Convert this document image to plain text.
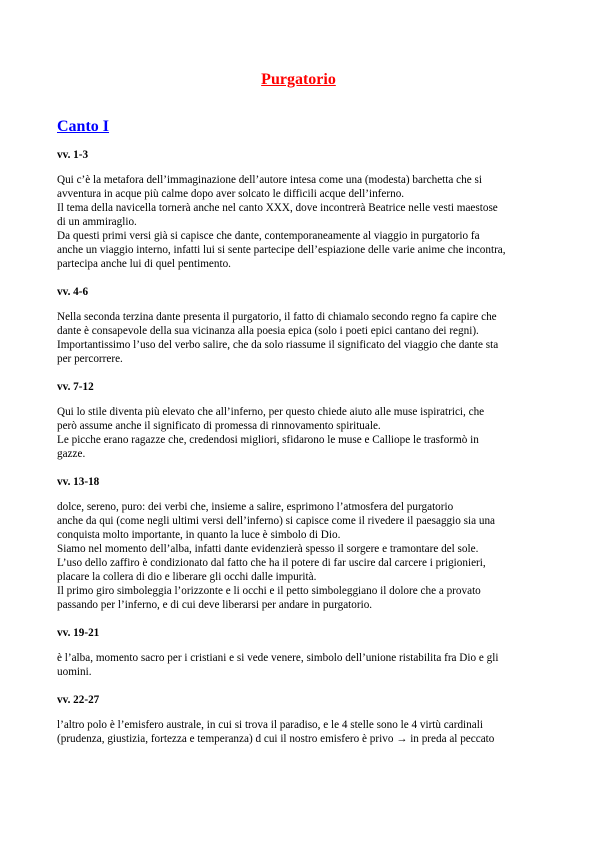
Purgatorio
Canto I

vv. 1-3

Qui c’è la metafora dell’immaginazione dell’autore intesa come una (modesta) barchetta che si
avventura in acque più calme dopo aver solcato le difficili acque dell’inferno.
Il tema della navicella tornerà anche nel canto XXX, dove incontrerà Beatrice nelle vesti maestose
di un ammiraglio.
Da questi primi versi già si capisce che dante, contemporaneamente al viaggio in purgatorio fa
anche un viaggio interno, infatti lui si sente partecipe dell’espiazione delle varie anime che incontra,
partecipa anche lui di quel pentimento.

vv. 4-6

Nella seconda terzina dante presenta il purgatorio, il fatto di chiamalo secondo regno fa capire che
dante è consapevole della sua vicinanza alla poesia epica (solo i poeti epici cantano dei regni).
Importantissimo l’uso del verbo salire, che da solo riassume il significato del viaggio che dante sta
per percorrere.

vv. 7-12

Qui lo stile diventa più elevato che all’inferno, per questo chiede aiuto alle muse ispiratrici, che
però assume anche il significato di promessa di rinnovamento spirituale.
Le picche erano ragazze che, credendosi migliori, sfidarono le muse e Calliope le trasformò in
gazze.

vv. 13-18

dolce, sereno, puro: dei verbi che, insieme a salire, esprimono l’atmosfera del purgatorio
anche da qui (come negli ultimi versi dell’inferno) si capisce come il rivedere il paesaggio sia una
conquista molto importante, in quanto la luce è simbolo di Dio.
Siamo nel momento dell’alba, infatti dante evidenzierà spesso il sorgere e tramontare del sole.
L’uso dello zaffiro è condizionato dal fatto che ha il potere di far uscire dal carcere i prigionieri,
placare la collera di dio e liberare gli occhi dalle impurità.
Il primo giro simboleggia l’orizzonte e li occhi e il petto simboleggiano il dolore che a provato
passando per l’inferno, e di cui deve liberarsi per andare in purgatorio.

vv. 19-21

è l’alba, momento sacro per i cristiani e si vede venere, simbolo dell’unione ristabilita fra Dio e gli
uomini.

vv. 22-27

l’altro polo è l’emisfero australe, in cui si trova il paradiso, e le 4 stelle sono le 4 virtù cardinali
(prudenza, giustizia, fortezza e temperanza) d cui il nostro emisfero è privo → in preda al peccato
